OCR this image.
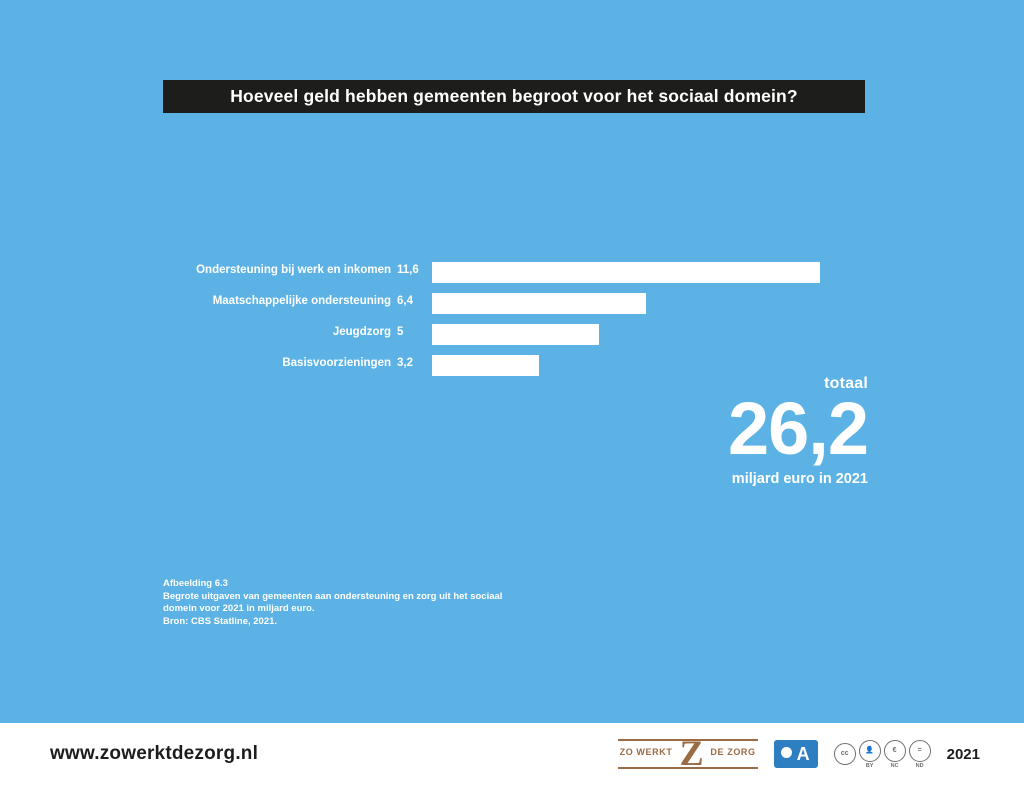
Hoeveel geld hebben gemeenten begroot voor het sociaal domein?
Ondersteuning bij werk en inkomen 11,6
Maatschappelijke ondersteuning 6,4
Jeugdzorg 5
Basisvoorzieningen 3,2
totaal
26,2
miljard euro in 2021
Afbeelding 6.3
Begrote uitgaven van gemeenten aan ondersteuning en zorg uit het sociaal
domein voor 2021 in miljard euro.
Bron: CBS Statline, 2021.
www.zowerktdezorg.nl	ZO WERKT Z DE ZORG A	cc	👤
BY
€
NC
=
ND
2021
